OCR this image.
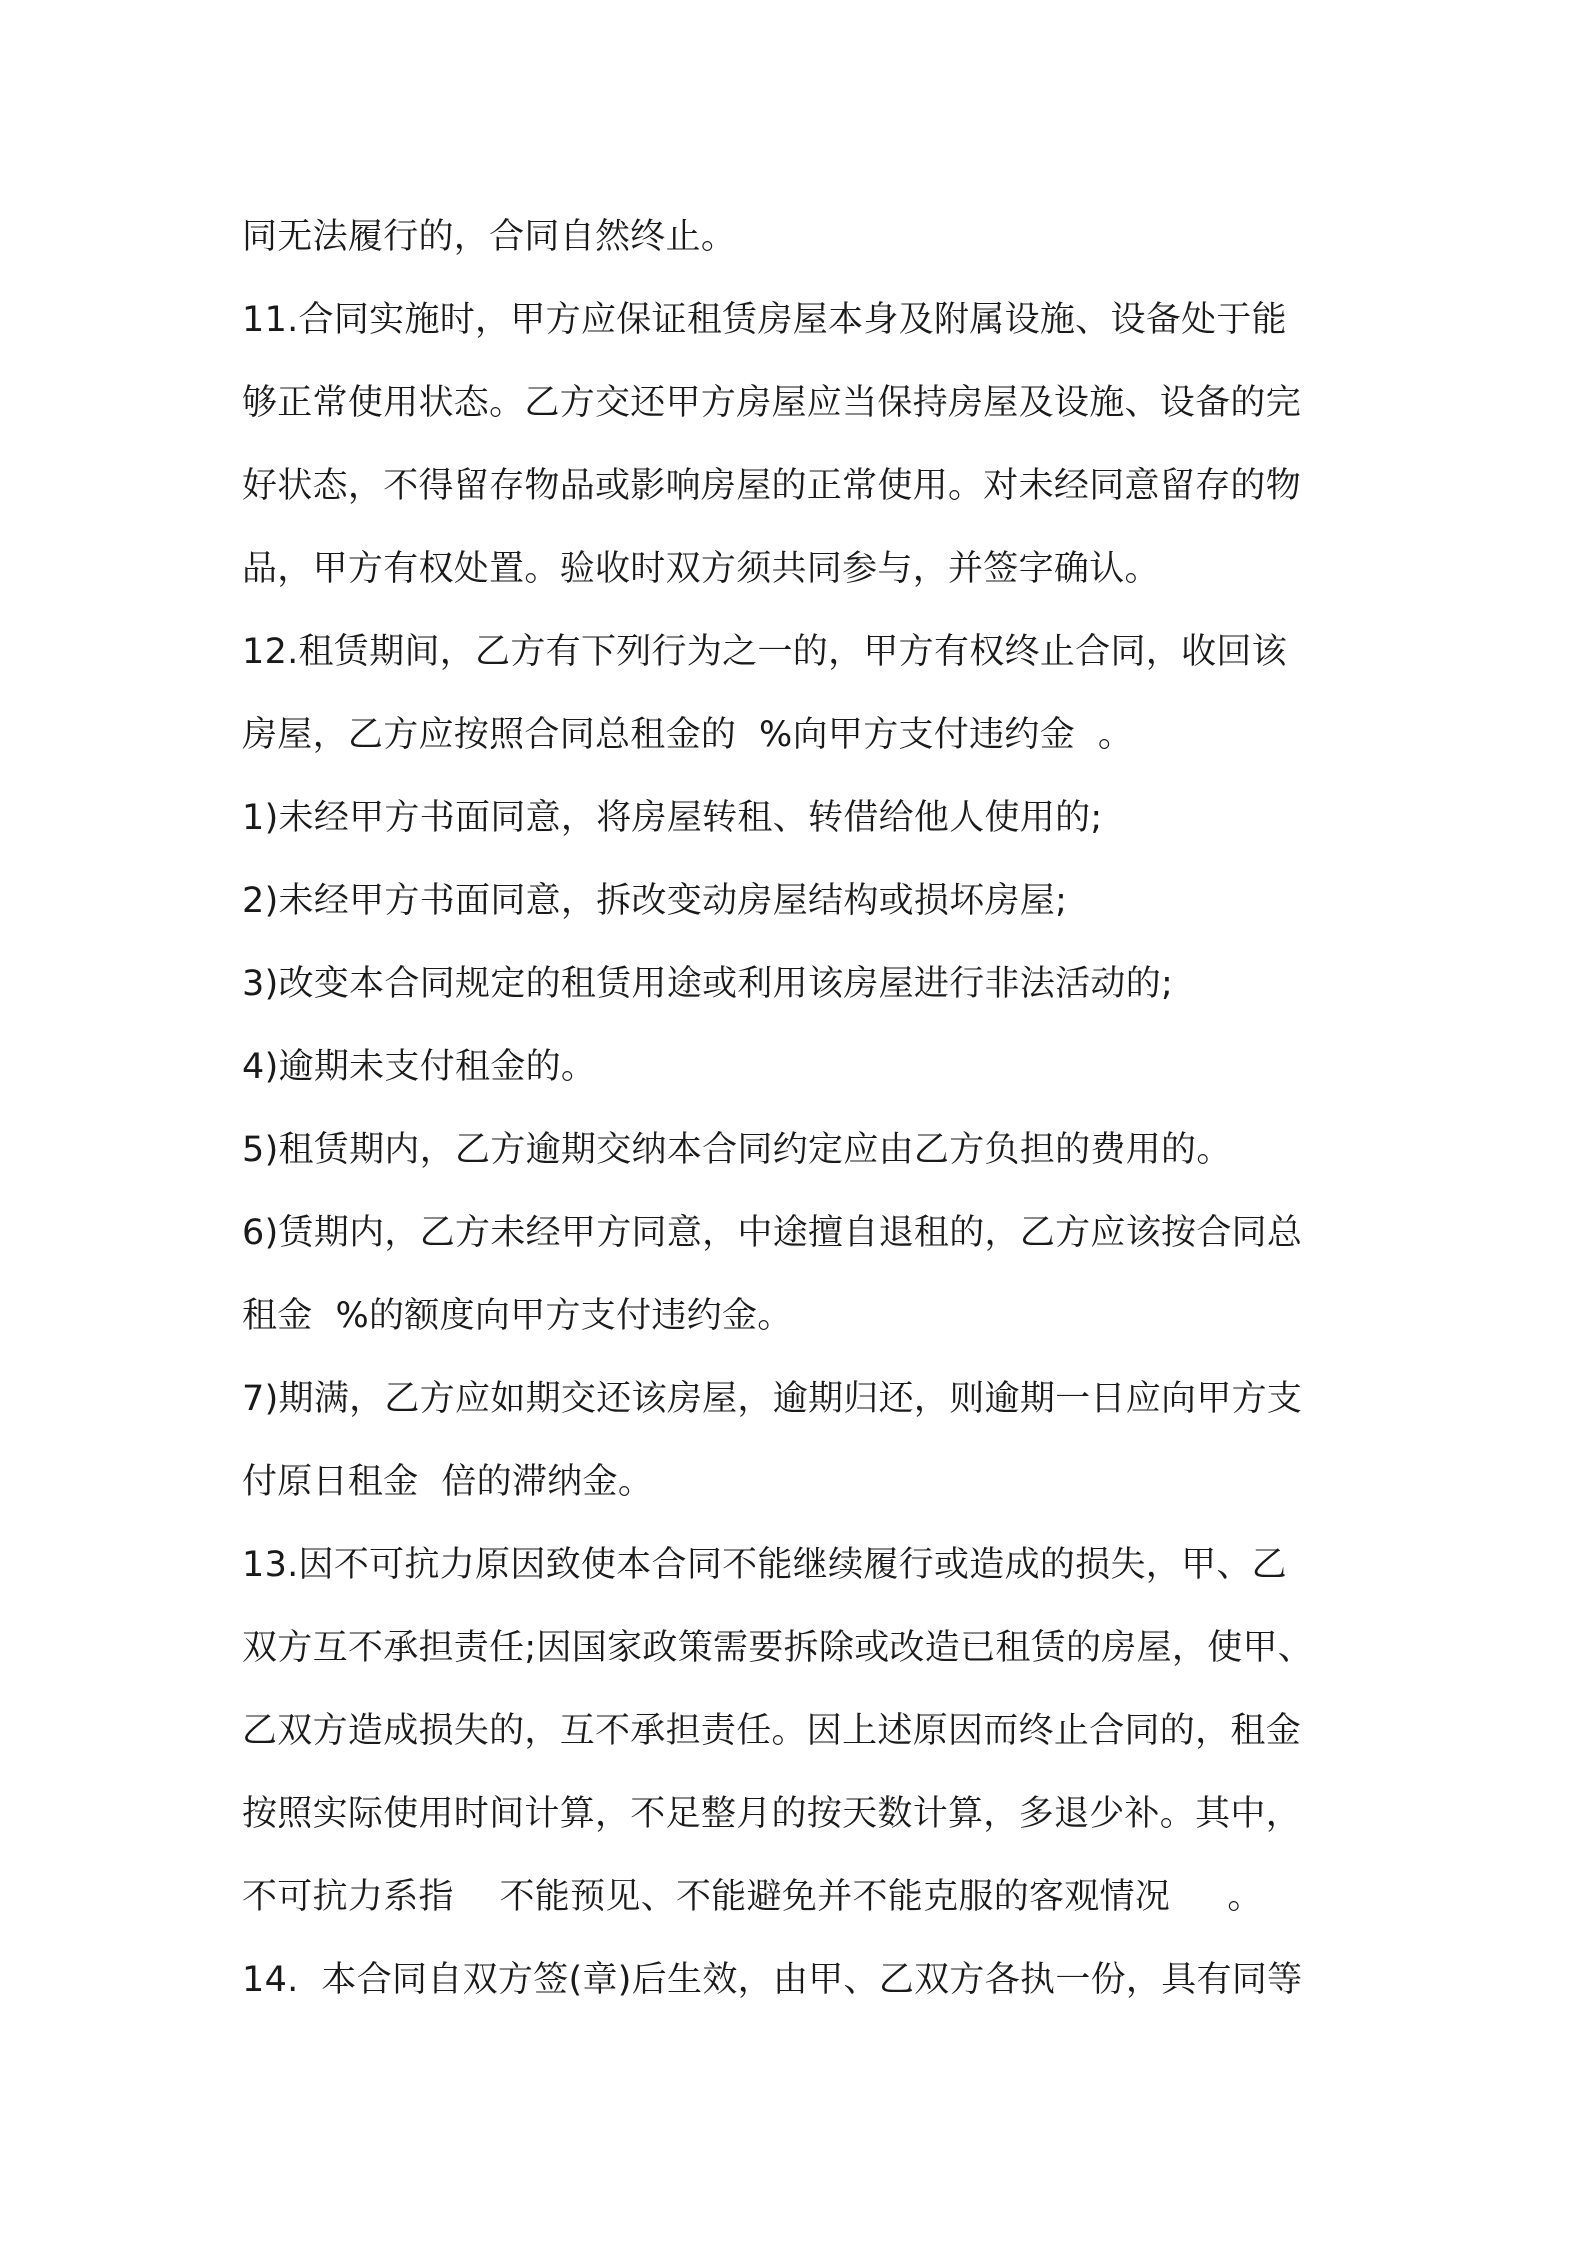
同无法履行的，合同自然终止。
11.合同实施时，甲方应保证租赁房屋本身及附属设施、设备处于能
够正常使用状态。乙方交还甲方房屋应当保持房屋及设施、设备的完
好状态，不得留存物品或影响房屋的正常使用。对未经同意留存的物
品，甲方有权处置。验收时双方须共同参与，并签字确认。
12.租赁期间，乙方有下列行为之一的，甲方有权终止合同，收回该
房屋，乙方应按照合同总租金的  %向甲方支付违约金  。
1)未经甲方书面同意，将房屋转租、转借给他人使用的;
2)未经甲方书面同意，拆改变动房屋结构或损坏房屋;
3)改变本合同规定的租赁用途或利用该房屋进行非法活动的;
4)逾期未支付租金的。
5)租赁期内，乙方逾期交纳本合同约定应由乙方负担的费用的。
6)赁期内，乙方未经甲方同意，中途擅自退租的，乙方应该按合同总
租金  %的额度向甲方支付违约金。
7)期满，乙方应如期交还该房屋，逾期归还，则逾期一日应向甲方支
付原日租金  倍的滞纳金。
13.因不可抗力原因致使本合同不能继续履行或造成的损失，甲、乙
双方互不承担责任;因国家政策需要拆除或改造已租赁的房屋，使甲、
乙双方造成损失的，互不承担责任。因上述原因而终止合同的，租金
按照实际使用时间计算，不足整月的按天数计算，多退少补。其中，
不可抗力系指    不能预见、不能避免并不能克服的客观情况     。
14.  本合同自双方签(章)后生效，由甲、乙双方各执一份，具有同等
